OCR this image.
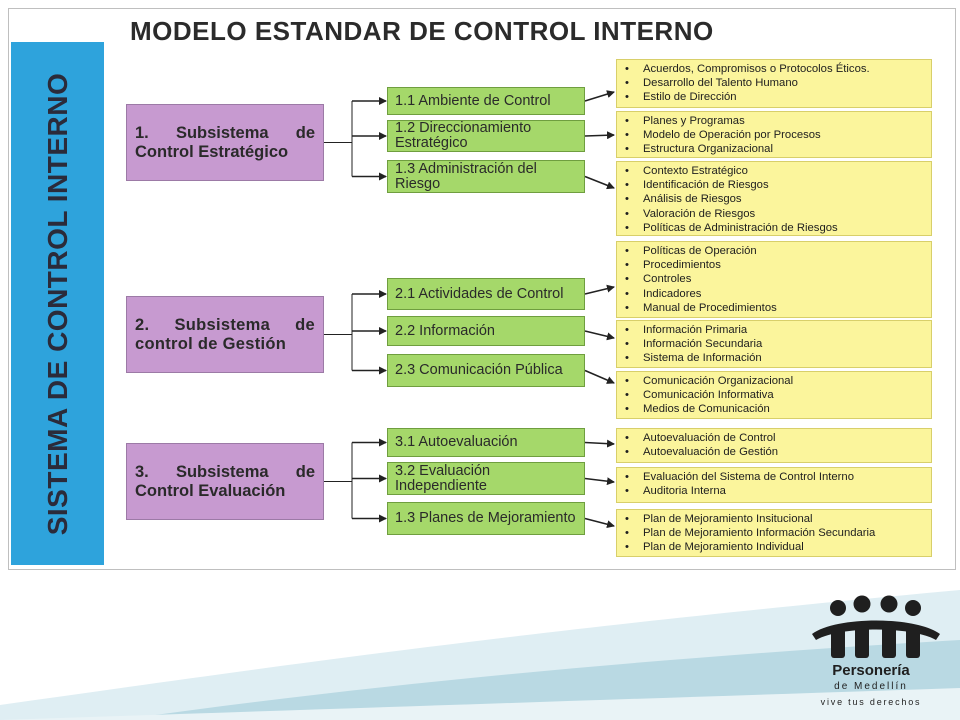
MODELO ESTANDAR DE CONTROL INTERNO
SISTEMA DE CONTROL INTERNO	1. Subsistema de Control Estratégico
2. Subsistema de control de Gestión
3. Subsistema de Control Evaluación
1.1 Ambiente de Control
1.2 Direccionamiento Estratégico
1.3 Administración del Riesgo
2.1 Actividades de Control
2.2 Información
2.3 Comunicación Pública
3.1 Autoevaluación
3.2 Evaluación Independiente
1.3 Planes de Mejoramiento
• Acuerdos, Compromisos o Protocolos Éticos.
• Desarrollo del Talento Humano
• Estilo de Dirección
• Planes y Programas
• Modelo de Operación por Procesos
• Estructura Organizacional
• Contexto Estratégico
• Identificación de Riesgos
• Análisis de Riesgos
• Valoración de Riesgos
• Políticas de Administración de Riesgos
• Políticas de Operación
• Procedimientos
• Controles
• Indicadores
• Manual de Procedimientos
• Información Primaria
• Información Secundaria
• Sistema de Información
• Comunicación Organizacional
• Comunicación Informativa
• Medios de Comunicación
• Autoevaluación de Control
• Autoevaluación de Gestión
• Evaluación del Sistema de Control Interno
• Auditoria Interna
• Plan de Mejoramiento Insitucional
• Plan de Mejoramiento Información Secundaria
• Plan de Mejoramiento Individual
Personería
de Medellín
vive tus derechos
